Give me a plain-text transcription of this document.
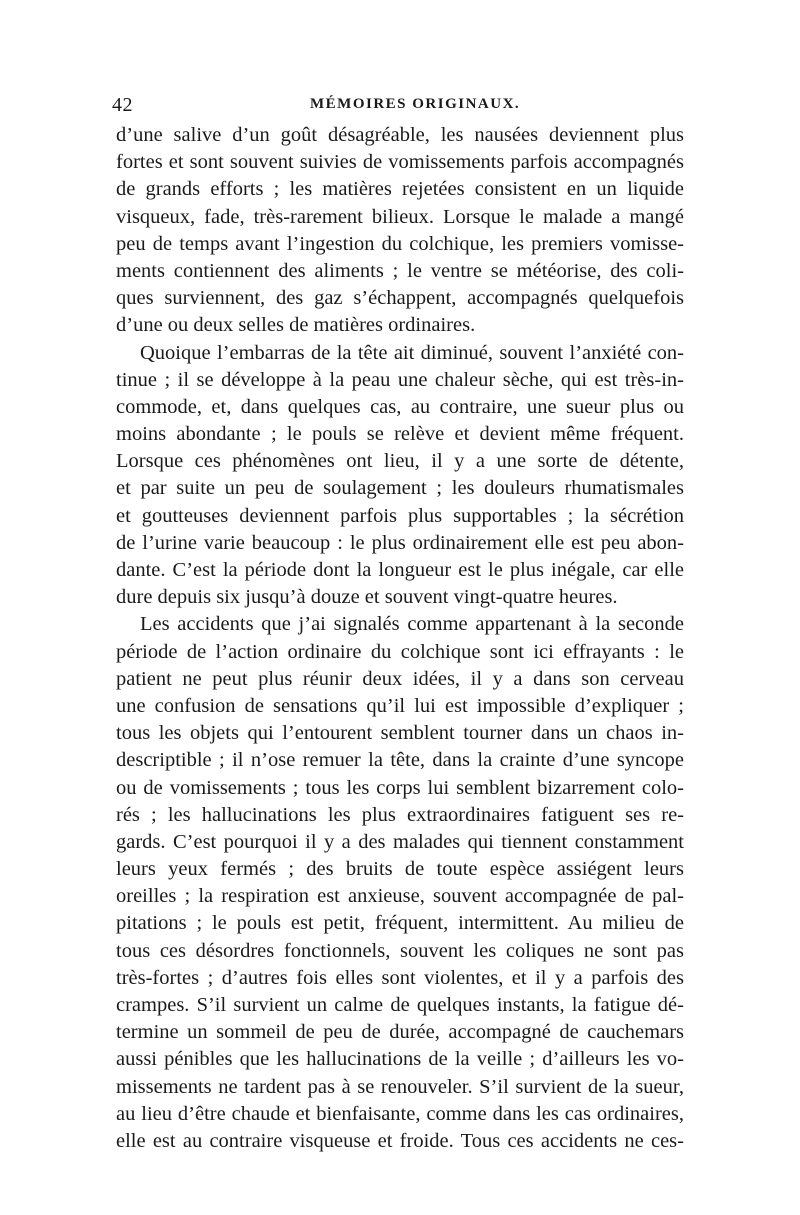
42	MÉMOIRES ORIGINAUX.
d’une salive d’un goût désagréable, les nausées deviennent plus
fortes et sont souvent suivies de vomissements parfois accompagnés
de grands efforts ; les matières rejetées consistent en un liquide
visqueux, fade, très-rarement bilieux. Lorsque le malade a mangé
peu de temps avant l’ingestion du colchique, les premiers vomisse-
ments contiennent des aliments ; le ventre se météorise, des coli-
ques surviennent, des gaz s’échappent, accompagnés quelquefois
d’une ou deux selles de matières ordinaires.
Quoique l’embarras de la tête ait diminué, souvent l’anxiété con-
tinue ; il se développe à la peau une chaleur sèche, qui est très-in-
commode, et, dans quelques cas, au contraire, une sueur plus ou
moins abondante ; le pouls se relève et devient même fréquent.
Lorsque ces phénomènes ont lieu, il y a une sorte de détente,
et par suite un peu de soulagement ; les douleurs rhumatismales
et goutteuses deviennent parfois plus supportables ; la sécrétion
de l’urine varie beaucoup : le plus ordinairement elle est peu abon-
dante. C’est la période dont la longueur est le plus inégale, car elle
dure depuis six jusqu’à douze et souvent vingt-quatre heures.
Les accidents que j’ai signalés comme appartenant à la seconde
période de l’action ordinaire du colchique sont ici effrayants : le
patient ne peut plus réunir deux idées, il y a dans son cerveau
une confusion de sensations qu’il lui est impossible d’expliquer ;
tous les objets qui l’entourent semblent tourner dans un chaos in-
descriptible ; il n’ose remuer la tête, dans la crainte d’une syncope
ou de vomissements ; tous les corps lui semblent bizarrement colo-
rés ; les hallucinations les plus extraordinaires fatiguent ses re-
gards. C’est pourquoi il y a des malades qui tiennent constamment
leurs yeux fermés ; des bruits de toute espèce assiégent leurs
oreilles ; la respiration est anxieuse, souvent accompagnée de pal-
pitations ; le pouls est petit, fréquent, intermittent. Au milieu de
tous ces désordres fonctionnels, souvent les coliques ne sont pas
très-fortes ; d’autres fois elles sont violentes, et il y a parfois des
crampes. S’il survient un calme de quelques instants, la fatigue dé-
termine un sommeil de peu de durée, accompagné de cauchemars
aussi pénibles que les hallucinations de la veille ; d’ailleurs les vo-
missements ne tardent pas à se renouveler. S’il survient de la sueur,
au lieu d’être chaude et bienfaisante, comme dans les cas ordinaires,
elle est au contraire visqueuse et froide. Tous ces accidents ne ces-
